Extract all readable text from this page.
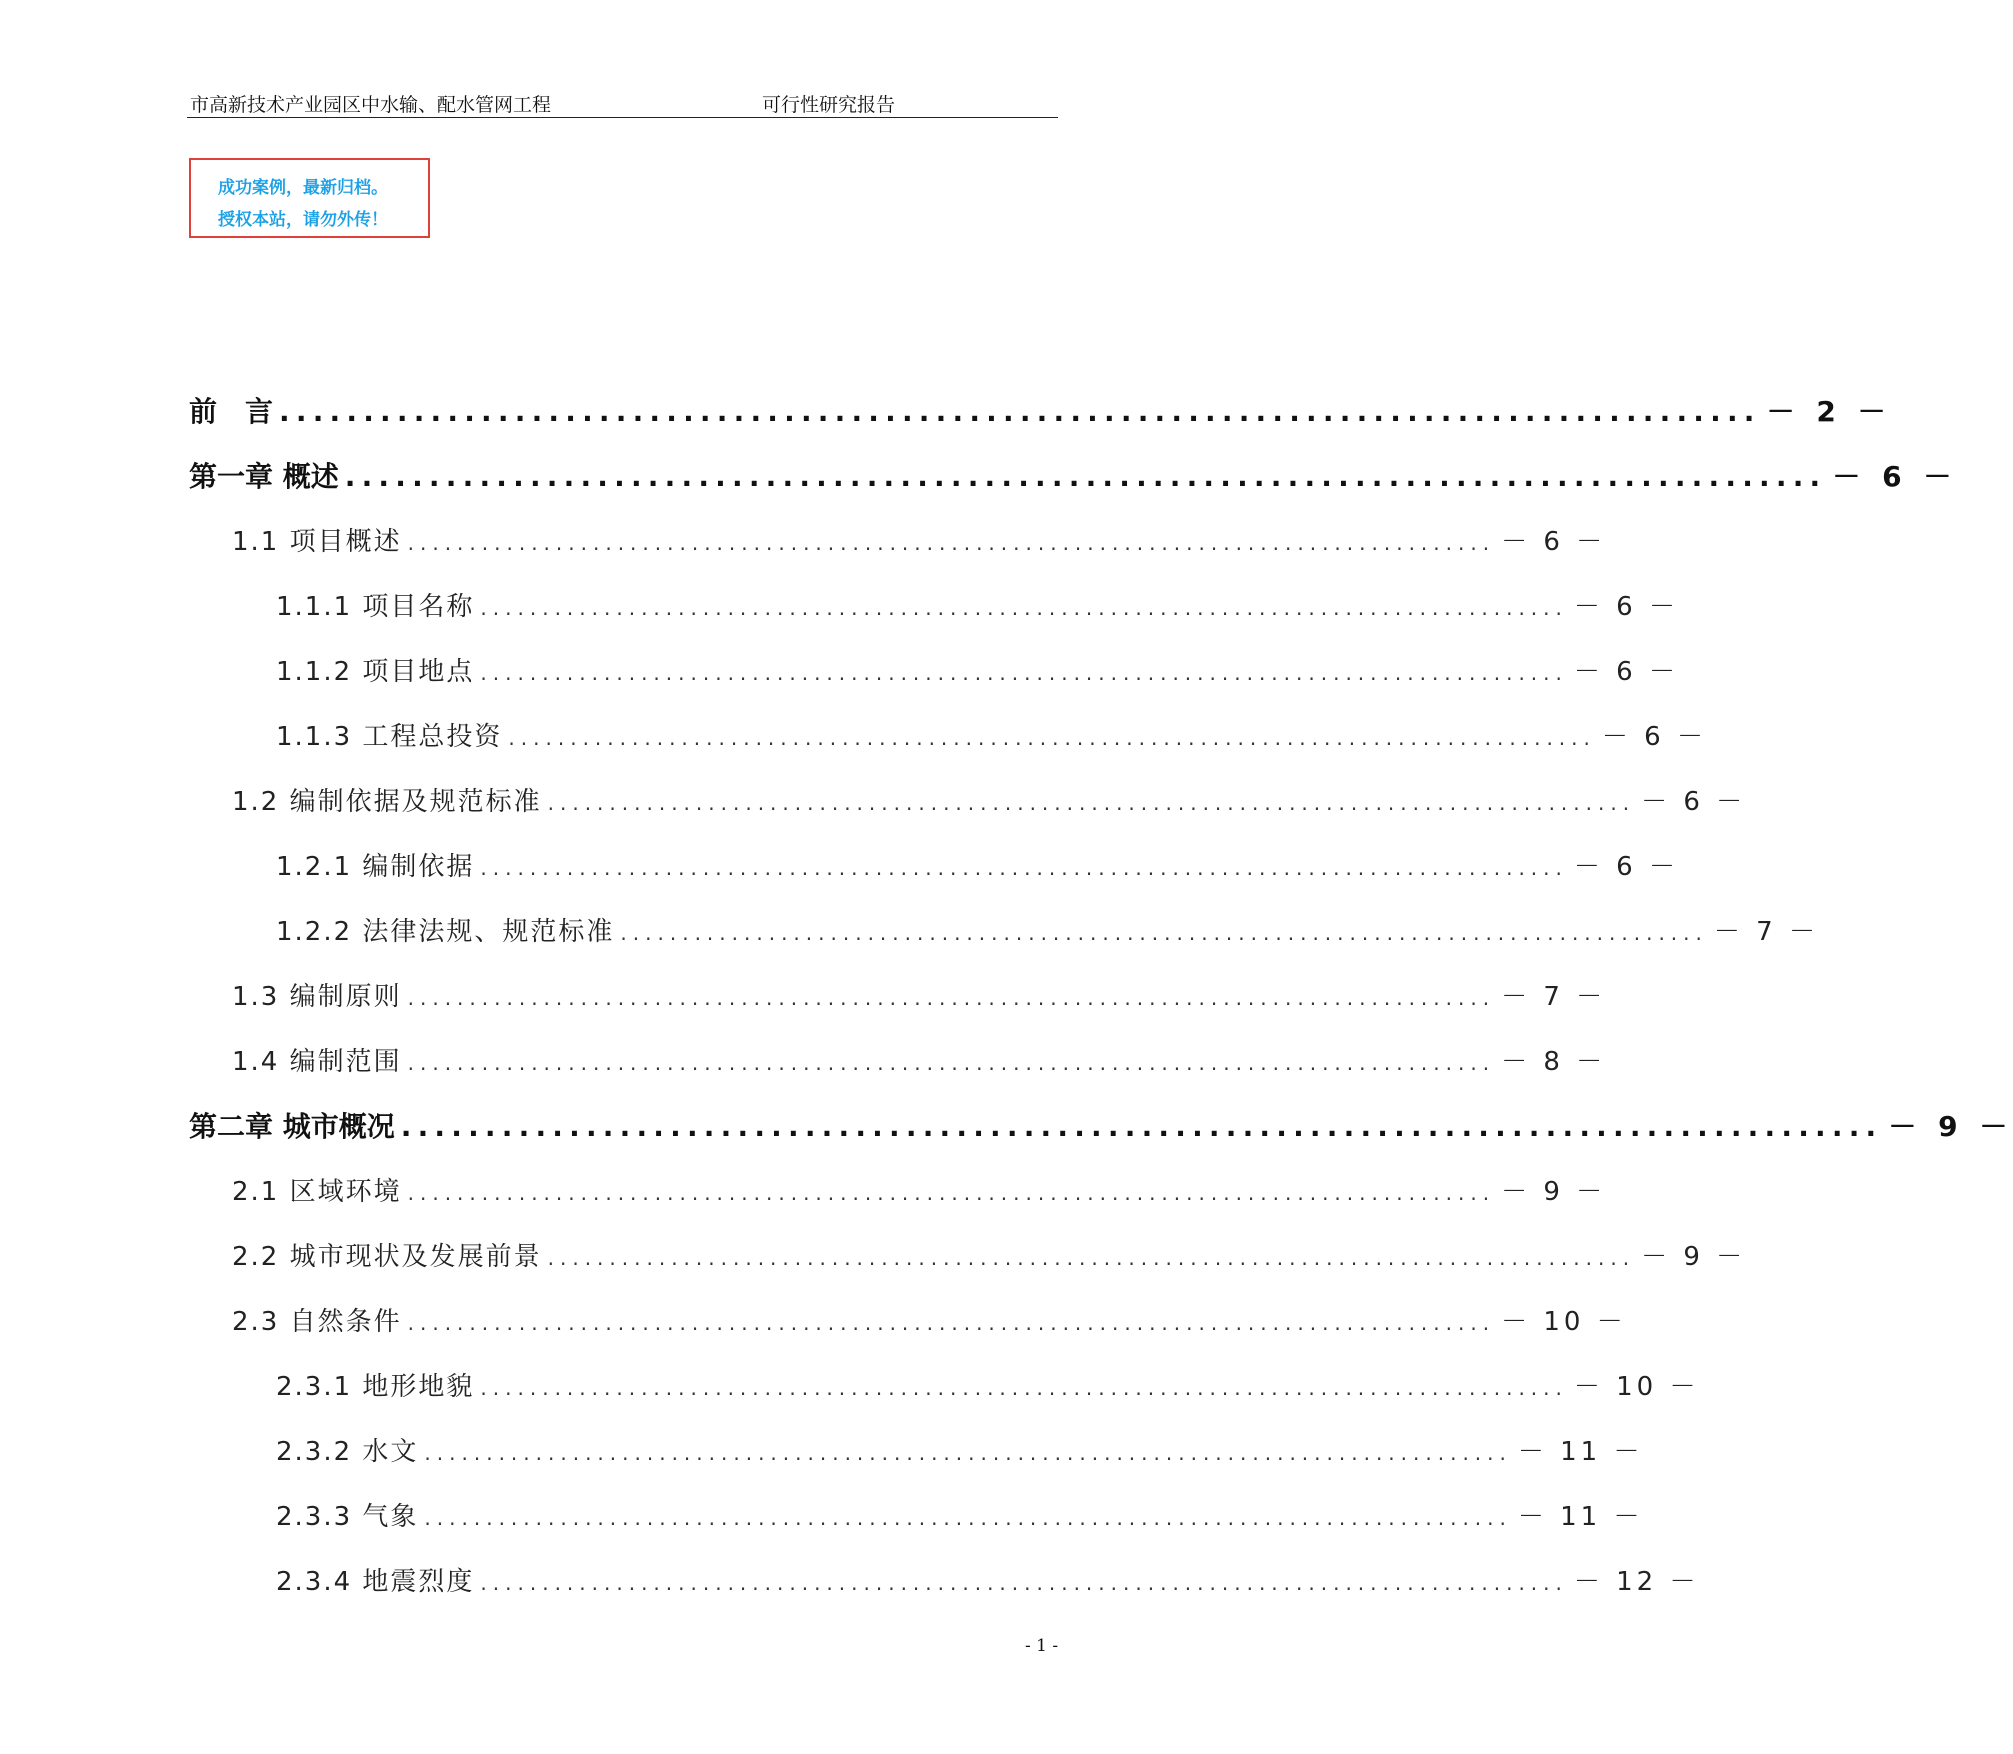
市高新技术产业园区中水输、配水管网工程	可行性研究报告
成功案例，最新归档。
授权本站，请勿外传！
前　言 ........................................................................................ － 2 －
第一章 概述 ........................................................................................ － 6 －
1.1 项目概述 ........................................................................................ － 6 －
1.1.1 项目名称 ........................................................................................ － 6 －
1.1.2 项目地点 ........................................................................................ － 6 －
1.1.3 工程总投资 ........................................................................................ － 6 －
1.2 编制依据及规范标准 ........................................................................................ － 6 －
1.2.1 编制依据 ........................................................................................ － 6 －
1.2.2 法律法规、规范标准 ........................................................................................ － 7 －
1.3 编制原则 ........................................................................................ － 7 －
1.4 编制范围 ........................................................................................ － 8 －
第二章 城市概况 ........................................................................................ － 9 －
2.1 区域环境 ........................................................................................ － 9 －
2.2 城市现状及发展前景 ........................................................................................ － 9 －
2.3 自然条件 ........................................................................................ － 10 －
2.3.1 地形地貌 ........................................................................................ － 10 －
2.3.2 水文 ........................................................................................ － 11 －
2.3.3 气象 ........................................................................................ － 11 －
2.3.4 地震烈度 ........................................................................................ － 12 －
- 1 -
